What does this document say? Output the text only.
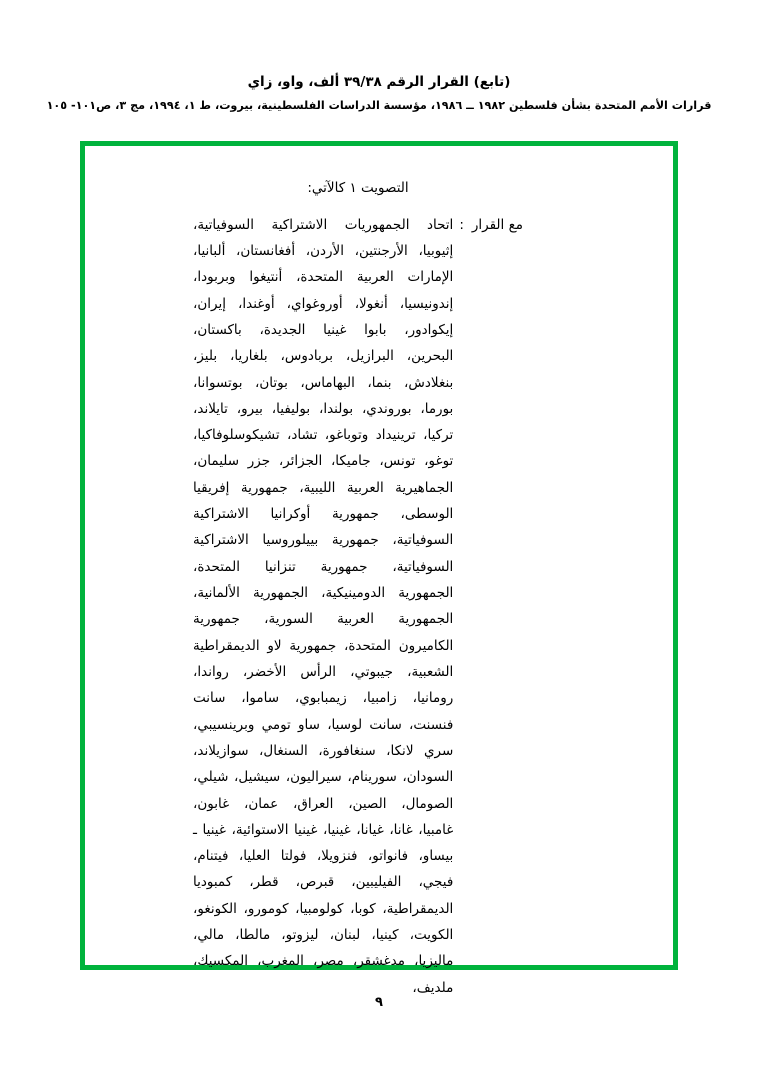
(تابع) القرار الرقم ٣٩/٣٨ ألف، واو، زاي
قرارات الأمم المتحدة بشأن فلسطين ١٩٨٢ ــ ١٩٨٦، مؤسسة الدراسات الفلسطينية، بيروت، ط ١، ١٩٩٤، مج ٣، ص١٠١- ١٠٥
التصويت ١ كالآتي:
مع القرار
:
اتحاد الجمهوريات الاشتراكية السوفياتية، إثيوبيا، الأرجنتين، الأردن، أفغانستان، ألبانيا، الإمارات العربية المتحدة، أنتيغوا وبربودا، إندونيسيا، أنغولا، أوروغواي، أوغندا، إيران، إيكوادور، بابوا غينيا الجديدة، باكستان، البحرين، البرازيل، بربادوس، بلغاريا، بليز، بنغلادش، بنما، البهاماس، بوتان، بوتسوانا، بورما، بوروندي، بولندا، بوليفيا، بيرو، تايلاند، تركيا، ترينيداد وتوباغو، تشاد، تشيكوسلوفاكيا، توغو، تونس، جاميكا، الجزائر، جزر سليمان، الجماهيرية العربية الليبية، جمهورية إفريقيا الوسطى، جمهورية أوكرانيا الاشتراكية السوفياتية، جمهورية بييلوروسيا الاشتراكية السوفياتية، جمهورية تنزانيا المتحدة، الجمهورية الدومينيكية، الجمهورية الألمانية، الجمهورية العربية السورية، جمهورية الكاميرون المتحدة، جمهورية لاو الديمقراطية الشعبية، جيبوتي، الرأس الأخضر، رواندا، رومانيا، زامبيا، زيمبابوي، ساموا، سانت فنسنت، سانت لوسيا، ساو تومي وبرينسيبي، سري لانكا، سنغافورة، السنغال، سوازيلاند، السودان، سورينام، سيراليون، سيشيل، شيلي، الصومال، الصين، العراق، عمان، غابون، غامبيا، غانا، غيانا، غينيا، غينيا الاستوائية، غينيا ـ بيساو، فانواتو، فنزويلا، فولتا العليا، فيتنام، فيجي، الفيليبين، قبرص، قطر، كمبوديا الديمقراطية، كوبا، كولومبيا، كومورو، الكونغو، الكويت، كينيا، لبنان، ليزوتو، مالطا، مالي، ماليزيا، مدغشقر، مصر، المغرب، المكسيك، ملديف،
٩
